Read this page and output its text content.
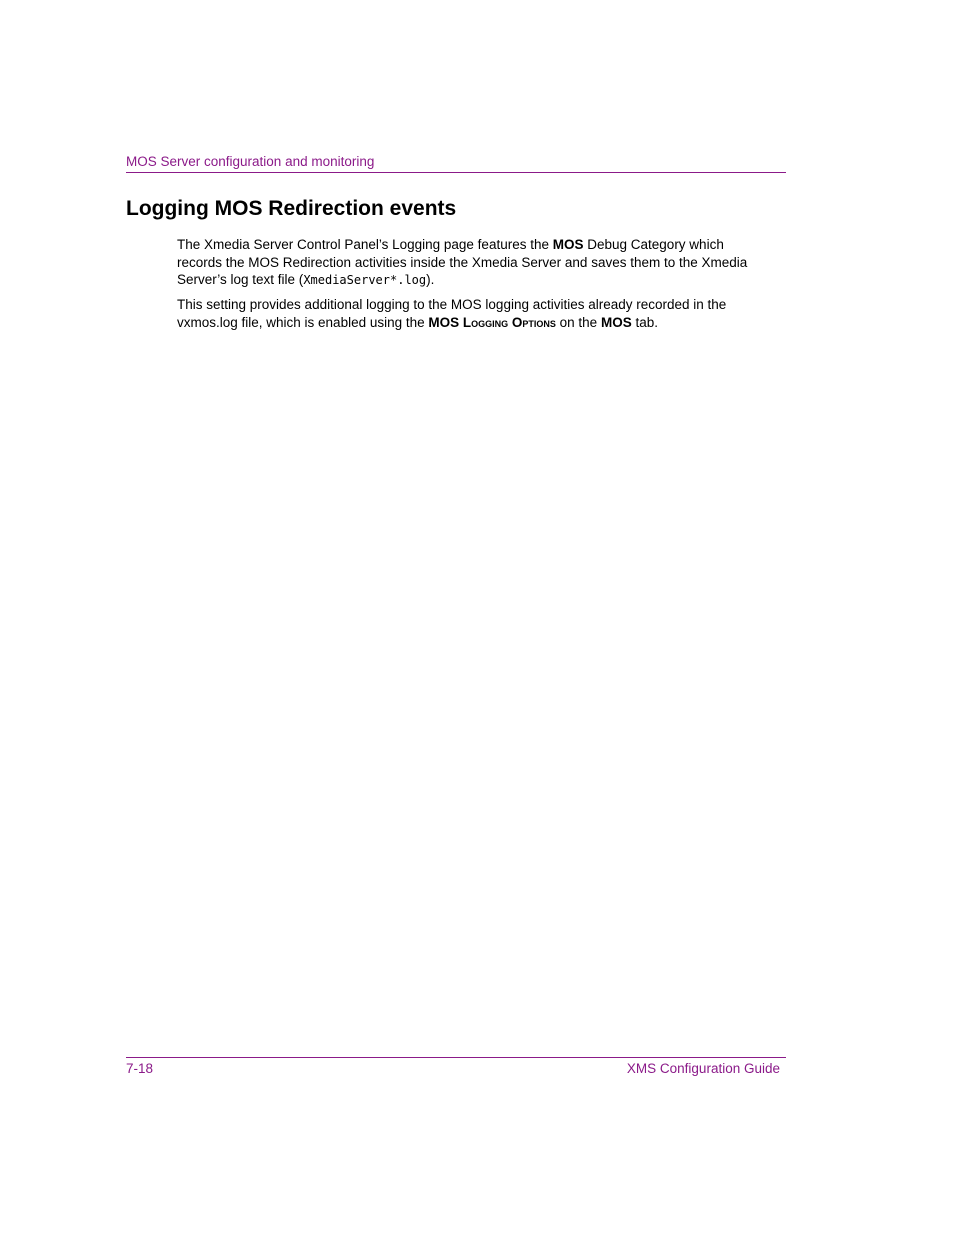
MOS Server configuration and monitoring
Logging MOS Redirection events

The Xmedia Server Control Panel’s Logging page features the MOS Debug Category which records the MOS Redirection activities inside the Xmedia Server and saves them to the Xmedia Server’s log text file (XmediaServer*.log).

This setting provides additional logging to the MOS logging activities already recorded in the vxmos.log file, which is enabled using the MOS Logging Options on the MOS tab.

7-18	XMS Configuration Guide
